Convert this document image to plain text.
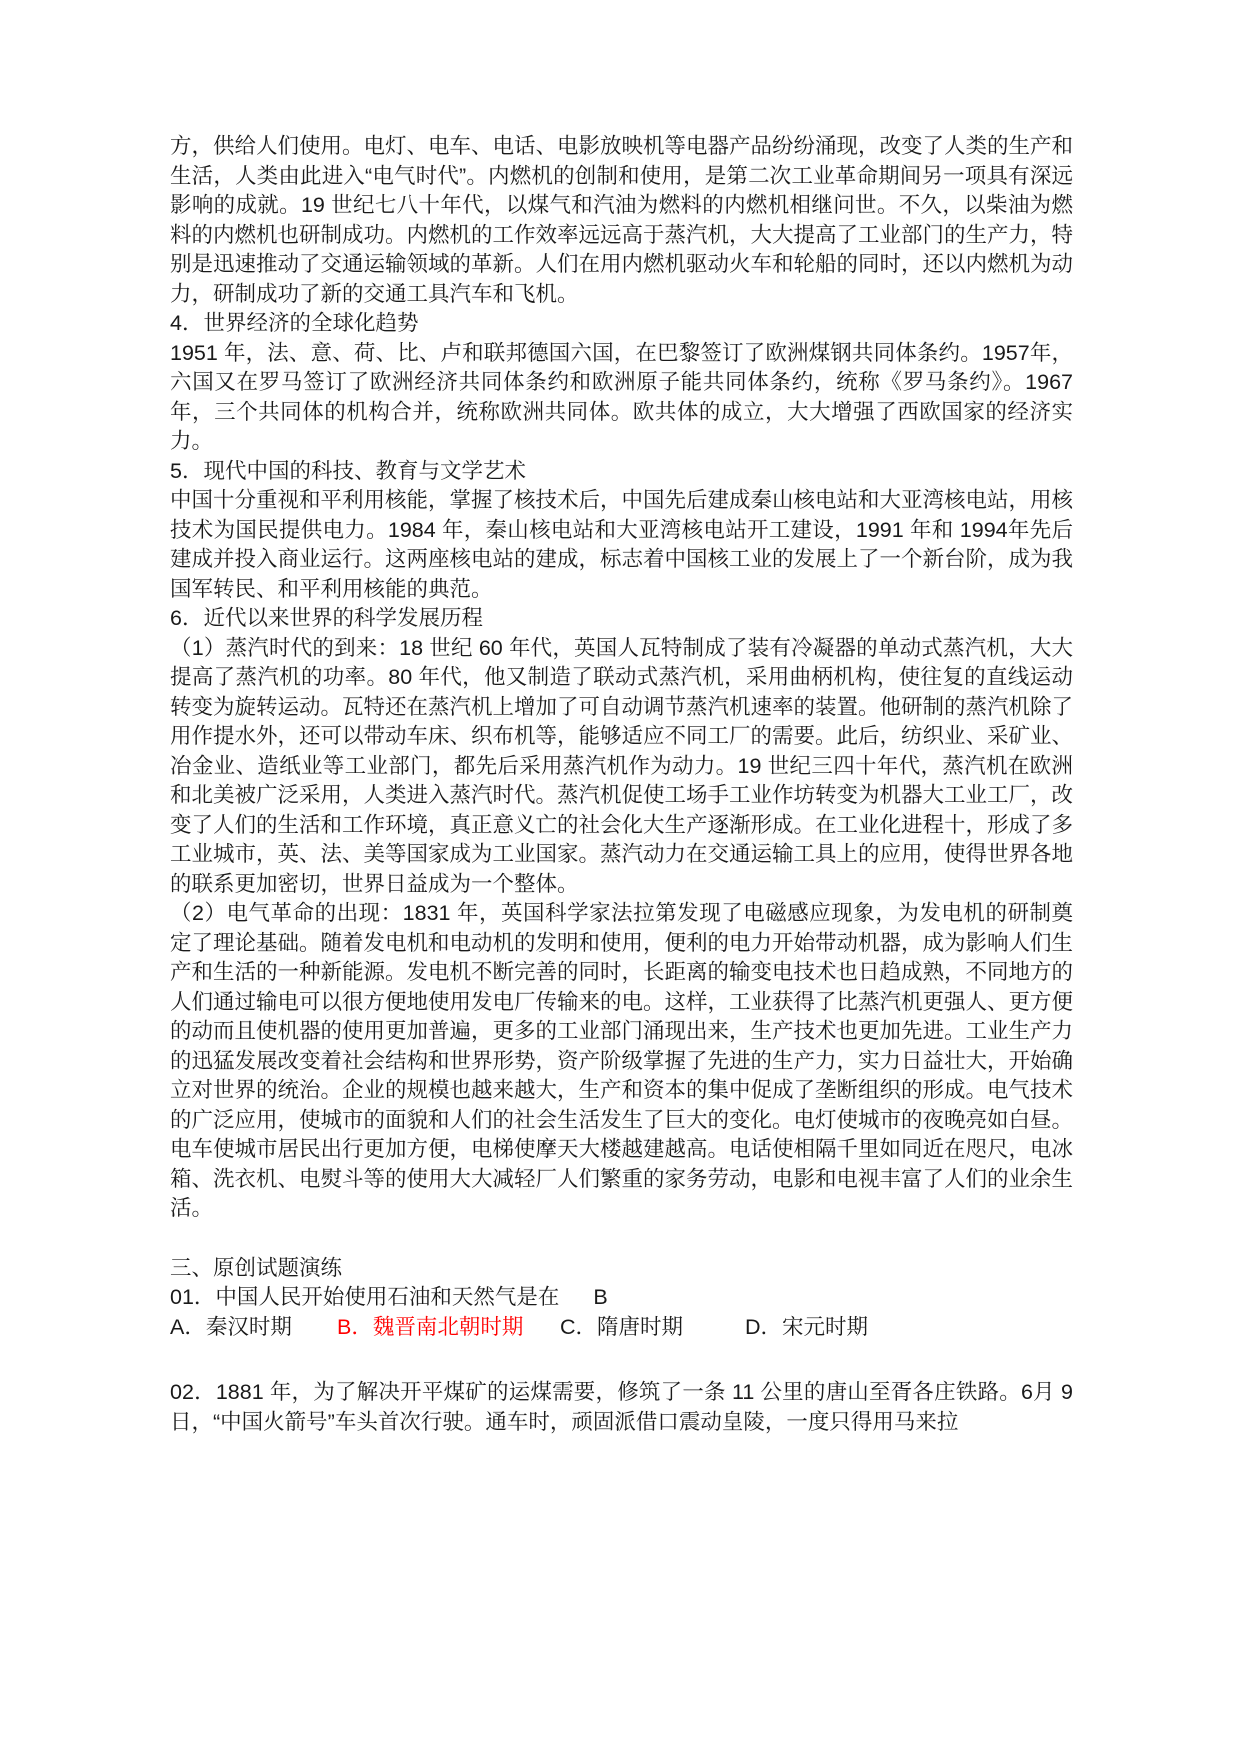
方，供给人们使用。电灯、电车、电话、电影放映机等电器产品纷纷涌现，改变了人类的生产和生活，人类由此进入“电气时代”。内燃机的创制和使用，是第二次工业革命期间另一项具有深远影响的成就。19 世纪七八十年代，以煤气和汽油为燃料的内燃机相继问世。不久，以柴油为燃料的内燃机也研制成功。内燃机的工作效率远远高于蒸汽机，大大提高了工业部门的生产力，特别是迅速推动了交通运输领域的革新。人们在用内燃机驱动火车和轮船的同时，还以内燃机为动力，研制成功了新的交通工具汽车和飞机。

4．世界经济的全球化趋势

1951 年，法、意、荷、比、卢和联邦德国六国，在巴黎签订了欧洲煤钢共同体条约。1957年，六国又在罗马签订了欧洲经济共同体条约和欧洲原子能共同体条约，统称《罗马条约》。1967 年，三个共同体的机构合并，统称欧洲共同体。欧共体的成立，大大增强了西欧国家的经济实力。

5．现代中国的科技、教育与文学艺术

中国十分重视和平利用核能，掌握了核技术后，中国先后建成秦山核电站和大亚湾核电站，用核技术为国民提供电力。1984 年，秦山核电站和大亚湾核电站开工建设，1991 年和 1994年先后建成并投入商业运行。这两座核电站的建成，标志着中国核工业的发展上了一个新台阶，成为我国军转民、和平利用核能的典范。

6．近代以来世界的科学发展历程

（1）蒸汽时代的到来：18 世纪 60 年代，英国人瓦特制成了装有冷凝器的单动式蒸汽机，大大提高了蒸汽机的功率。80 年代，他又制造了联动式蒸汽机，采用曲柄机构，使往复的直线运动转变为旋转运动。瓦特还在蒸汽机上增加了可自动调节蒸汽机速率的装置。他研制的蒸汽机除了用作提水外，还可以带动车床、织布机等，能够适应不同工厂的需要。此后，纺织业、采矿业、冶金业、造纸业等工业部门，都先后采用蒸汽机作为动力。19 世纪三四十年代，蒸汽机在欧洲和北美被广泛采用，人类进入蒸汽时代。蒸汽机促使工场手工业作坊转变为机器大工业工厂，改变了人们的生活和工作环境，真正意义亡的社会化大生产逐渐形成。在工业化进程十，形成了多工业城市，英、法、美等国家成为工业国家。蒸汽动力在交通运输工具上的应用，使得世界各地的联系更加密切，世界日益成为一个整体。

（2）电气革命的出现：1831 年，英国科学家法拉第发现了电磁感应现象，为发电机的研制奠定了理论基础。随着发电机和电动机的发明和使用，便利的电力开始带动机器，成为影响人们生产和生活的一种新能源。发电机不断完善的同时，长距离的输变电技术也日趋成熟，不同地方的人们通过输电可以很方便地使用发电厂传输来的电。这样，工业获得了比蒸汽机更强人、更方便的动而且使机器的使用更加普遍，更多的工业部门涌现出来，生产技术也更加先进。工业生产力的迅猛发展改变着社会结构和世界形势，资产阶级掌握了先进的生产力，实力日益壮大，开始确立对世界的统治。企业的规模也越来越大，生产和资本的集中促成了垄断组织的形成。电气技术的广泛应用，使城市的面貌和人们的社会生活发生了巨大的变化。电灯使城市的夜晚亮如白昼。电车使城市居民出行更加方便，电梯使摩天大楼越建越高。电话使相隔千里如同近在咫尺，电冰箱、洗衣机、电熨斗等的使用大大减轻厂人们繁重的家务劳动，电影和电视丰富了人们的业余生活。

三、原创试题演练

01．中国人民开始使用石油和天然气是在 B

A．秦汉时期	B．魏晋南北朝时期	C．隋唐时期	D．宋元时期

02．1881 年，为了解决开平煤矿的运煤需要，修筑了一条 11 公里的唐山至胥各庄铁路。6月 9 日，“中国火箭号”车头首次行驶。通车时，顽固派借口震动皇陵，一度只得用马来拉
